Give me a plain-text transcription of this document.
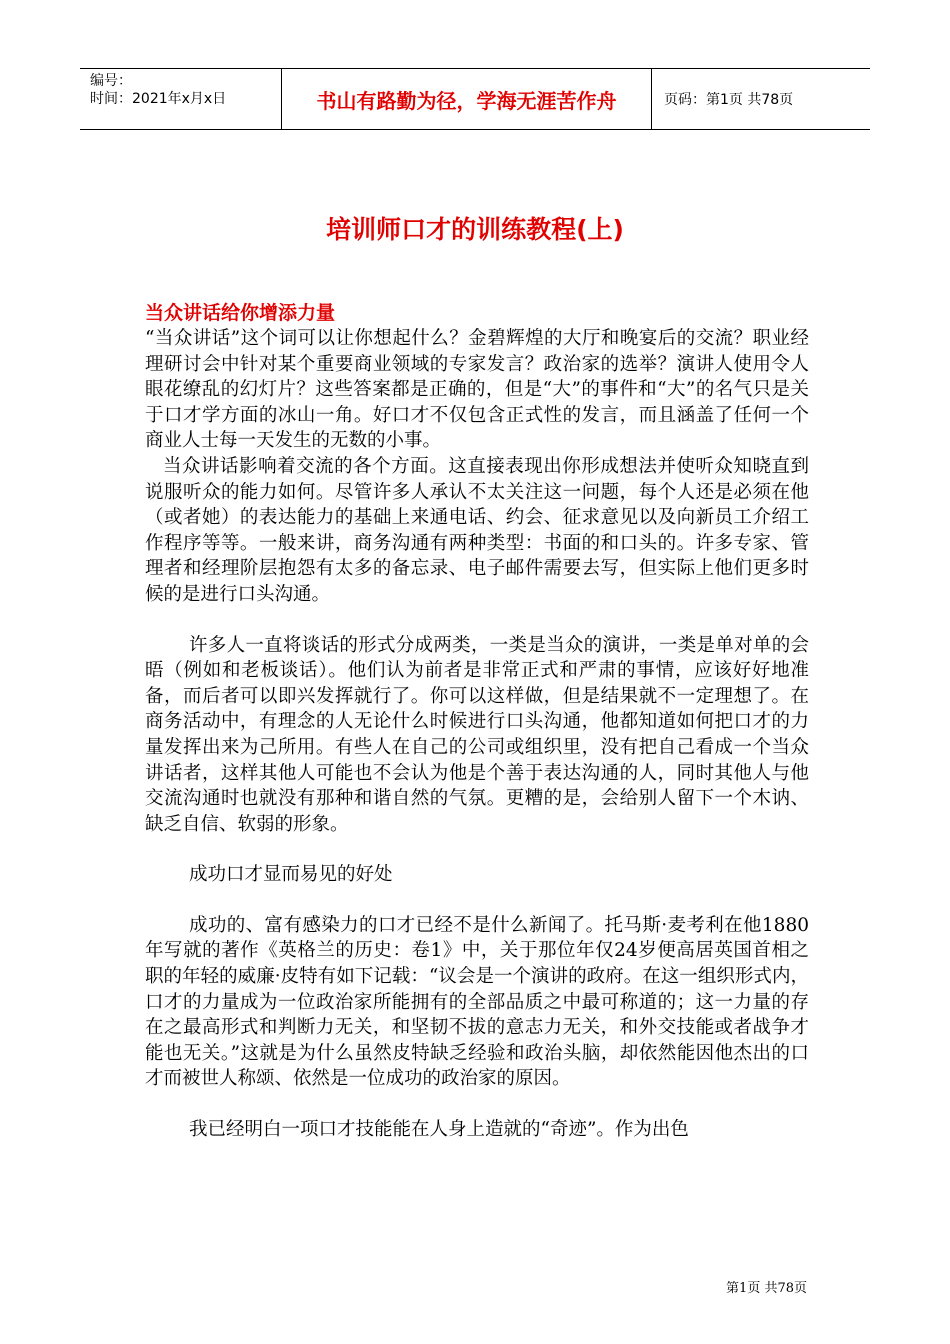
编号：
时间：2021年x月x日	书山有路勤为径，学海无涯苦作舟	页码：第1页 共78页
培训师口才的训练教程(上)

当众讲话给你增添力量

“当众讲话”这个词可以让你想起什么？金碧辉煌的大厅和晚宴后的交流？职业经理研讨会中针对某个重要商业领域的专家发言？政治家的选举？演讲人使用令人眼花缭乱的幻灯片？这些答案都是正确的，但是“大”的事件和“大”的名气只是关于口才学方面的冰山一角。好口才不仅包含正式性的发言，而且涵盖了任何一个商业人士每一天发生的无数的小事。

当众讲话影响着交流的各个方面。这直接表现出你形成想法并使听众知晓直到说服听众的能力如何。尽管许多人承认不太关注这一问题，每个人还是必须在他（或者她）的表达能力的基础上来通电话、约会、征求意见以及向新员工介绍工作程序等等。一般来讲，商务沟通有两种类型：书面的和口头的。许多专家、管理者和经理阶层抱怨有太多的备忘录、电子邮件需要去写，但实际上他们更多时候的是进行口头沟通。

许多人一直将谈话的形式分成两类，一类是当众的演讲，一类是单对单的会晤（例如和老板谈话）。他们认为前者是非常正式和严肃的事情，应该好好地准备，而后者可以即兴发挥就行了。你可以这样做，但是结果就不一定理想了。在商务活动中，有理念的人无论什么时候进行口头沟通，他都知道如何把口才的力量发挥出来为己所用。有些人在自己的公司或组织里，没有把自己看成一个当众讲话者，这样其他人可能也不会认为他是个善于表达沟通的人，同时其他人与他交流沟通时也就没有那种和谐自然的气氛。更糟的是，会给别人留下一个木讷、缺乏自信、软弱的形象。

成功口才显而易见的好处

成功的、富有感染力的口才已经不是什么新闻了。托马斯·麦考利在他1880年写就的著作《英格兰的历史：卷1》中，关于那位年仅24岁便高居英国首相之职的年轻的威廉·皮特有如下记载：“议会是一个演讲的政府。在这一组织形式内，口才的力量成为一位政治家所能拥有的全部品质之中最可称道的；这一力量的存在之最高形式和判断力无关，和坚韧不拔的意志力无关，和外交技能或者战争才能也无关。”这就是为什么虽然皮特缺乏经验和政治头脑，却依然能因他杰出的口才而被世人称颂、依然是一位成功的政治家的原因。

我已经明白一项口才技能能在人身上造就的“奇迹”。作为出色

第1页 共78页
